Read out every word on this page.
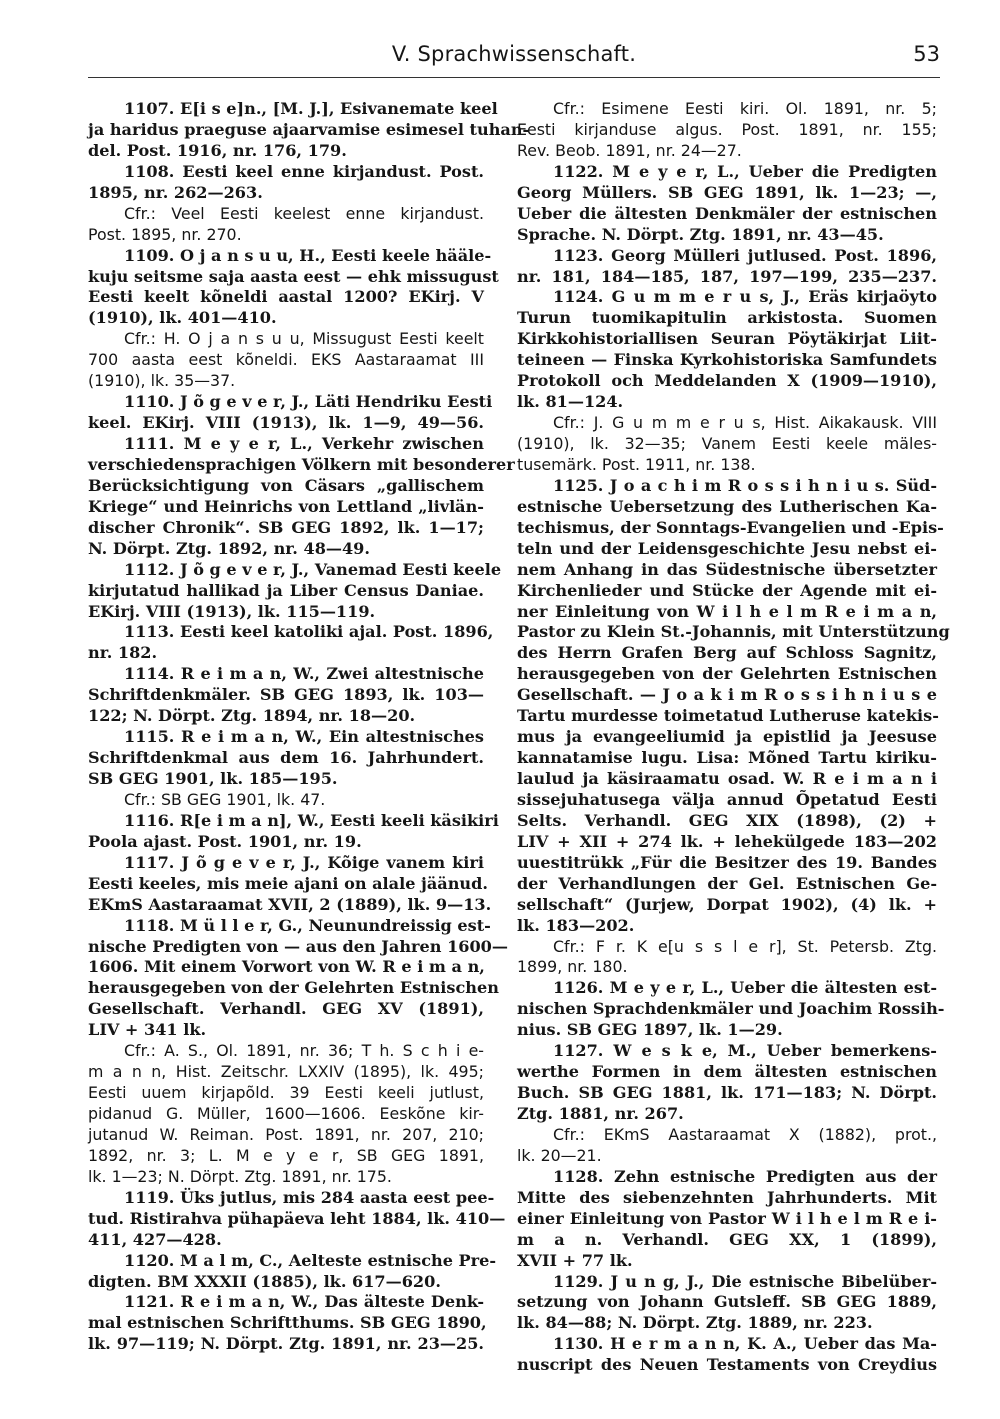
V. Sprachwissenschaft.	53
1107. E[i s e]n., [M. J.], Esivanemate keel
ja haridus praeguse ajaarvamise esimesel tuhan-
del. Post. 1916, nr. 176, 179.
1108. Eesti keel enne kirjandust. Post.
1895, nr. 262—263.
Cfr.: Veel Eesti keelest enne kirjandust.
Post. 1895, nr. 270.
1109. O j a n s u u, H., Eesti keele hääle-
kuju seitsme saja aasta eest — ehk missugust
Eesti keelt kõneldi aastal 1200? EKirj. V
(1910), lk. 401—410.
Cfr.: H. O j a n s u u, Missugust Eesti keelt
700 aasta eest kõneldi. EKS Aastaraamat III
(1910), lk. 35—37.
1110. J õ g e v e r, J., Läti Hendriku Eesti
keel. EKirj. VIII (1913), lk. 1—9, 49—56.
1111. M e y e r, L., Verkehr zwischen
verschiedensprachigen Völkern mit besonderer
Berücksichtigung von Cäsars „gallischem
Kriege“ und Heinrichs von Lettland „livlän-
discher Chronik“. SB GEG 1892, lk. 1—17;
N. Dörpt. Ztg. 1892, nr. 48—49.
1112. J õ g e v e r, J., Vanemad Eesti keele
kirjutatud hallikad ja Liber Census Daniae.
EKirj. VIII (1913), lk. 115—119.
1113. Eesti keel katoliki ajal. Post. 1896,
nr. 182.
1114. R e i m a n, W., Zwei altestnische
Schriftdenkmäler. SB GEG 1893, lk. 103—
122; N. Dörpt. Ztg. 1894, nr. 18—20.
1115. R e i m a n, W., Ein altestnisches
Schriftdenkmal aus dem 16. Jahrhundert.
SB GEG 1901, lk. 185—195.
Cfr.: SB GEG 1901, lk. 47.
1116. R[e i m a n], W., Eesti keeli käsikiri
Poola ajast. Post. 1901, nr. 19.
1117. J õ g e v e r, J., Kõige vanem kiri
Eesti keeles, mis meie ajani on alale jäänud.
EKmS Aastaraamat XVII, 2 (1889), lk. 9—13.
1118. M ü l l e r, G., Neunundreissig est-
nische Predigten von — aus den Jahren 1600—
1606. Mit einem Vorwort von W. R e i m a n,
herausgegeben von der Gelehrten Estnischen
Gesellschaft. Verhandl. GEG XV (1891),
LIV + 341 lk.
Cfr.: A. S., Ol. 1891, nr. 36; T h. S c h i e-
m a n n, Hist. Zeitschr. LXXIV (1895), lk. 495;
Eesti uuem kirjapõld. 39 Eesti keeli jutlust,
pidanud G. Müller, 1600—1606. Eeskõne kir-
jutanud W. Reiman. Post. 1891, nr. 207, 210;
1892, nr. 3; L. M e y e r, SB GEG 1891,
lk. 1—23; N. Dörpt. Ztg. 1891, nr. 175.
1119. Üks jutlus, mis 284 aasta eest pee-
tud. Ristirahva pühapäeva leht 1884, lk. 410—
411, 427—428.
1120. M a l m, C., Aelteste estnische Pre-
digten. BM XXXII (1885), lk. 617—620.
1121. R e i m a n, W., Das älteste Denk-
mal estnischen Schriftthums. SB GEG 1890,
lk. 97—119; N. Dörpt. Ztg. 1891, nr. 23—25.
Cfr.: Esimene Eesti kiri. Ol. 1891, nr. 5;
Eesti kirjanduse algus. Post. 1891, nr. 155;
Rev. Beob. 1891, nr. 24—27.
1122. M e y e r, L., Ueber die Predigten
Georg Müllers. SB GEG 1891, lk. 1—23; —,
Ueber die ältesten Denkmäler der estnischen
Sprache. N. Dörpt. Ztg. 1891, nr. 43—45.
1123. Georg Mülleri jutlused. Post. 1896,
nr. 181, 184—185, 187, 197—199, 235—237.
1124. G u m m e r u s, J., Eräs kirjaöyto
Turun tuomikapitulin arkistosta. Suomen
Kirkkohistoriallisen Seuran Pöytäkirjat Liit-
teineen — Finska Kyrkohistoriska Samfundets
Protokoll och Meddelanden X (1909—1910),
lk. 81—124.
Cfr.: J. G u m m e r u s, Hist. Aikakausk. VIII
(1910), lk. 32—35; Vanem Eesti keele mäles-
tusemärk. Post. 1911, nr. 138.
1125. J o a c h i m R o s s i h n i u s. Süd-
estnische Uebersetzung des Lutherischen Ka-
techismus, der Sonntags-Evangelien und -Epis-
teln und der Leidensgeschichte Jesu nebst ei-
nem Anhang in das Südestnische übersetzter
Kirchenlieder und Stücke der Agende mit ei-
ner Einleitung von W i l h e l m R e i m a n,
Pastor zu Klein St.-Johannis, mit Unterstützung
des Herrn Grafen Berg auf Schloss Sagnitz,
herausgegeben von der Gelehrten Estnischen
Gesellschaft. — J o a k i m R o s s i h n i u s e
Tartu murdesse toimetatud Lutheruse katekis-
mus ja evangeeliumid ja epistlid ja Jeesuse
kannatamise lugu. Lisa: Mõned Tartu kiriku-
laulud ja käsiraamatu osad. W. R e i m a n i
sissejuhatusega välja annud Õpetatud Eesti
Selts. Verhandl. GEG XIX (1898), (2) +
LIV + XII + 274 lk. + lehekülgede 183—202
uuestitrükk „Für die Besitzer des 19. Bandes
der Verhandlungen der Gel. Estnischen Ge-
sellschaft“ (Jurjew, Dorpat 1902), (4) lk. +
lk. 183—202.
Cfr.: F r. K e[u s s l e r], St. Petersb. Ztg.
1899, nr. 180.
1126. M e y e r, L., Ueber die ältesten est-
nischen Sprachdenkmäler und Joachim Rossih-
nius. SB GEG 1897, lk. 1—29.
1127. W e s k e, M., Ueber bemerkens-
werthe Formen in dem ältesten estnischen
Buch. SB GEG 1881, lk. 171—183; N. Dörpt.
Ztg. 1881, nr. 267.
Cfr.: EKmS Aastaraamat X (1882), prot.,
lk. 20—21.
1128. Zehn estnische Predigten aus der
Mitte des siebenzehnten Jahrhunderts. Mit
einer Einleitung von Pastor W i l h e l m R e i-
m a n. Verhandl. GEG XX, 1 (1899),
XVII + 77 lk.
1129. J u n g, J., Die estnische Bibelüber-
setzung von Johann Gutsleff. SB GEG 1889,
lk. 84—88; N. Dörpt. Ztg. 1889, nr. 223.
1130. H e r m a n n, K. A., Ueber das Ma-
nuscript des Neuen Testaments von Creydius
